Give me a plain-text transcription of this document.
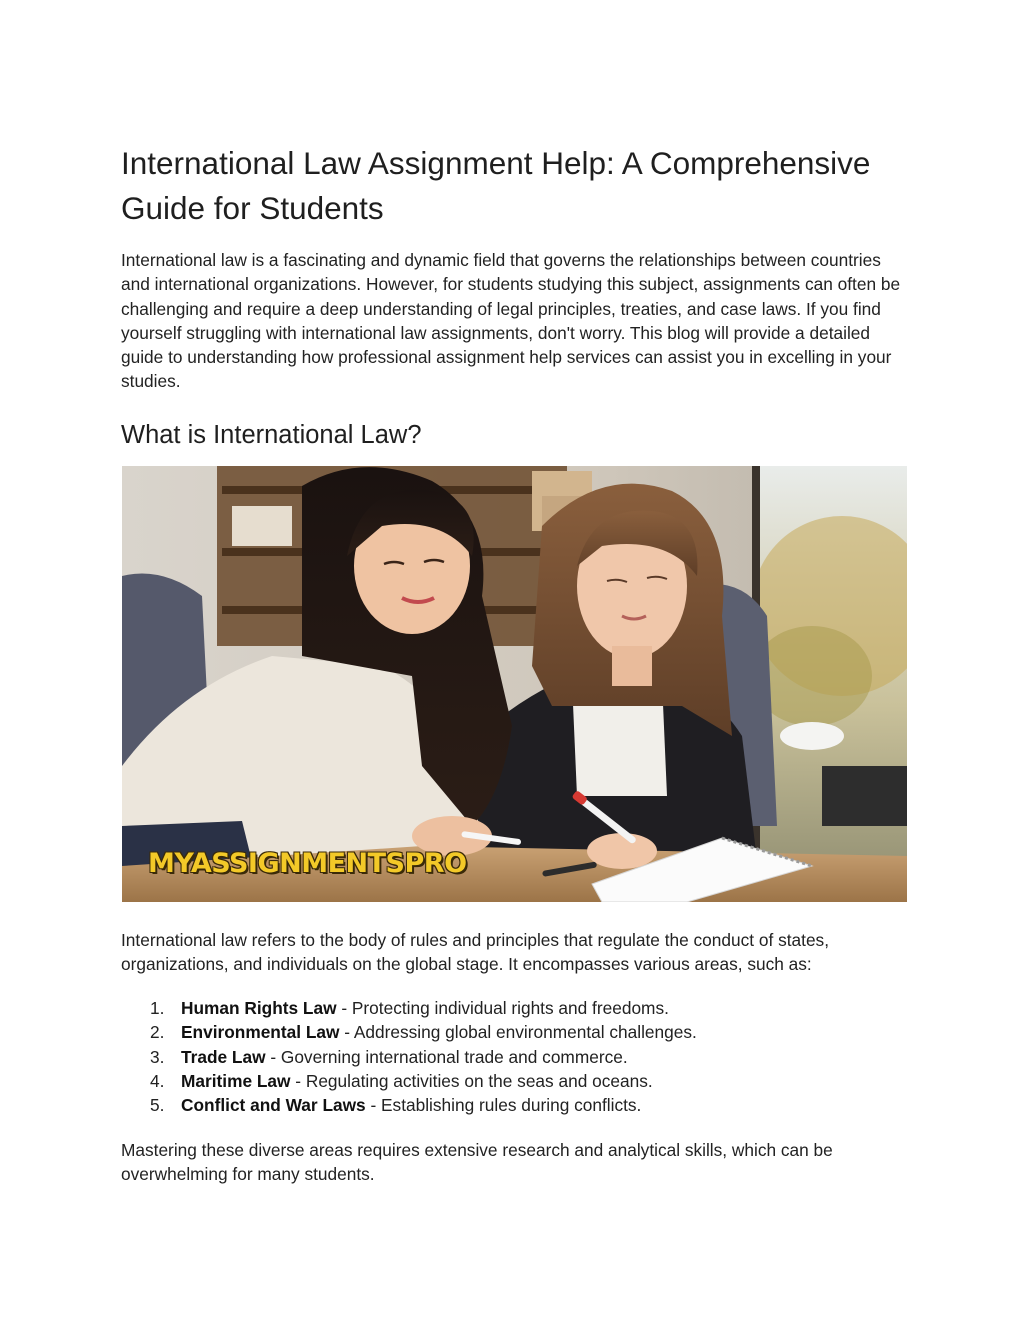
International Law Assignment Help: A Comprehensive Guide for Students

International law is a fascinating and dynamic field that governs the relationships between countries and international organizations. However, for students studying this subject, assignments can often be challenging and require a deep understanding of legal principles, treaties, and case laws. If you find yourself struggling with international law assignments, don't worry. This blog will provide a detailed guide to understanding how professional assignment help services can assist you in excelling in your studies.

What is International Law?
MYASSIGNMENTSPRO

International law refers to the body of rules and principles that regulate the conduct of states, organizations, and individuals on the global stage. It encompasses various areas, such as:

1. Human Rights Law - Protecting individual rights and freedoms.
2. Environmental Law - Addressing global environmental challenges.
3. Trade Law - Governing international trade and commerce.
4. Maritime Law - Regulating activities on the seas and oceans.
5. Conflict and War Laws - Establishing rules during conflicts.

Mastering these diverse areas requires extensive research and analytical skills, which can be overwhelming for many students.
